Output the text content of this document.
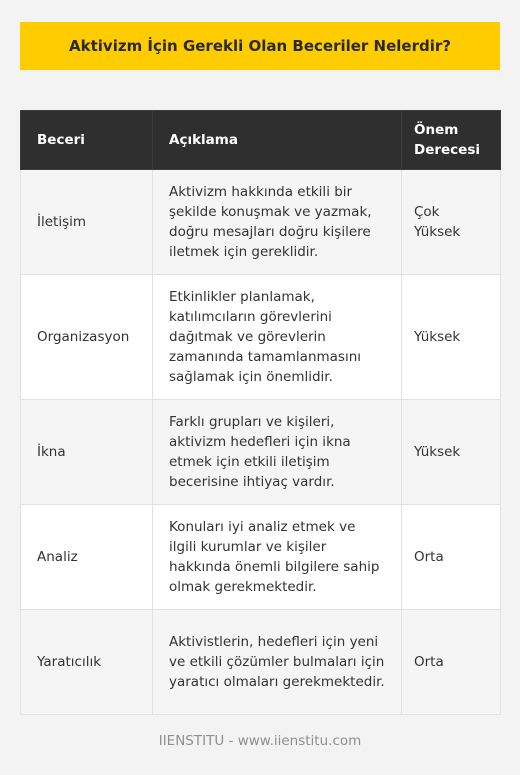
Aktivizm İçin Gerekli Olan Beceriler Nelerdir?
Beceri	Açıklama	Önem Derecesi
İletişim	Aktivizm hakkında etkili bir şekilde konuşmak ve yazmak, doğru mesajları doğru kişilere iletmek için gereklidir.	Çok Yüksek
Organizasyon	Etkinlikler planlamak, katılımcıların görevlerini dağıtmak ve görevlerin zamanında tamamlanmasını sağlamak için önemlidir.	Yüksek
İkna	Farklı grupları ve kişileri, aktivizm hedefleri için ikna etmek için etkili iletişim becerisine ihtiyaç vardır.	Yüksek
Analiz	Konuları iyi analiz etmek ve ilgili kurumlar ve kişiler hakkında önemli bilgilere sahip olmak gerekmektedir.	Orta
Yaratıcılık	Aktivistlerin, hedefleri için yeni ve etkili çözümler bulmaları için yaratıcı olmaları gerekmektedir.	Orta
IIENSTITU - www.iienstitu.com
